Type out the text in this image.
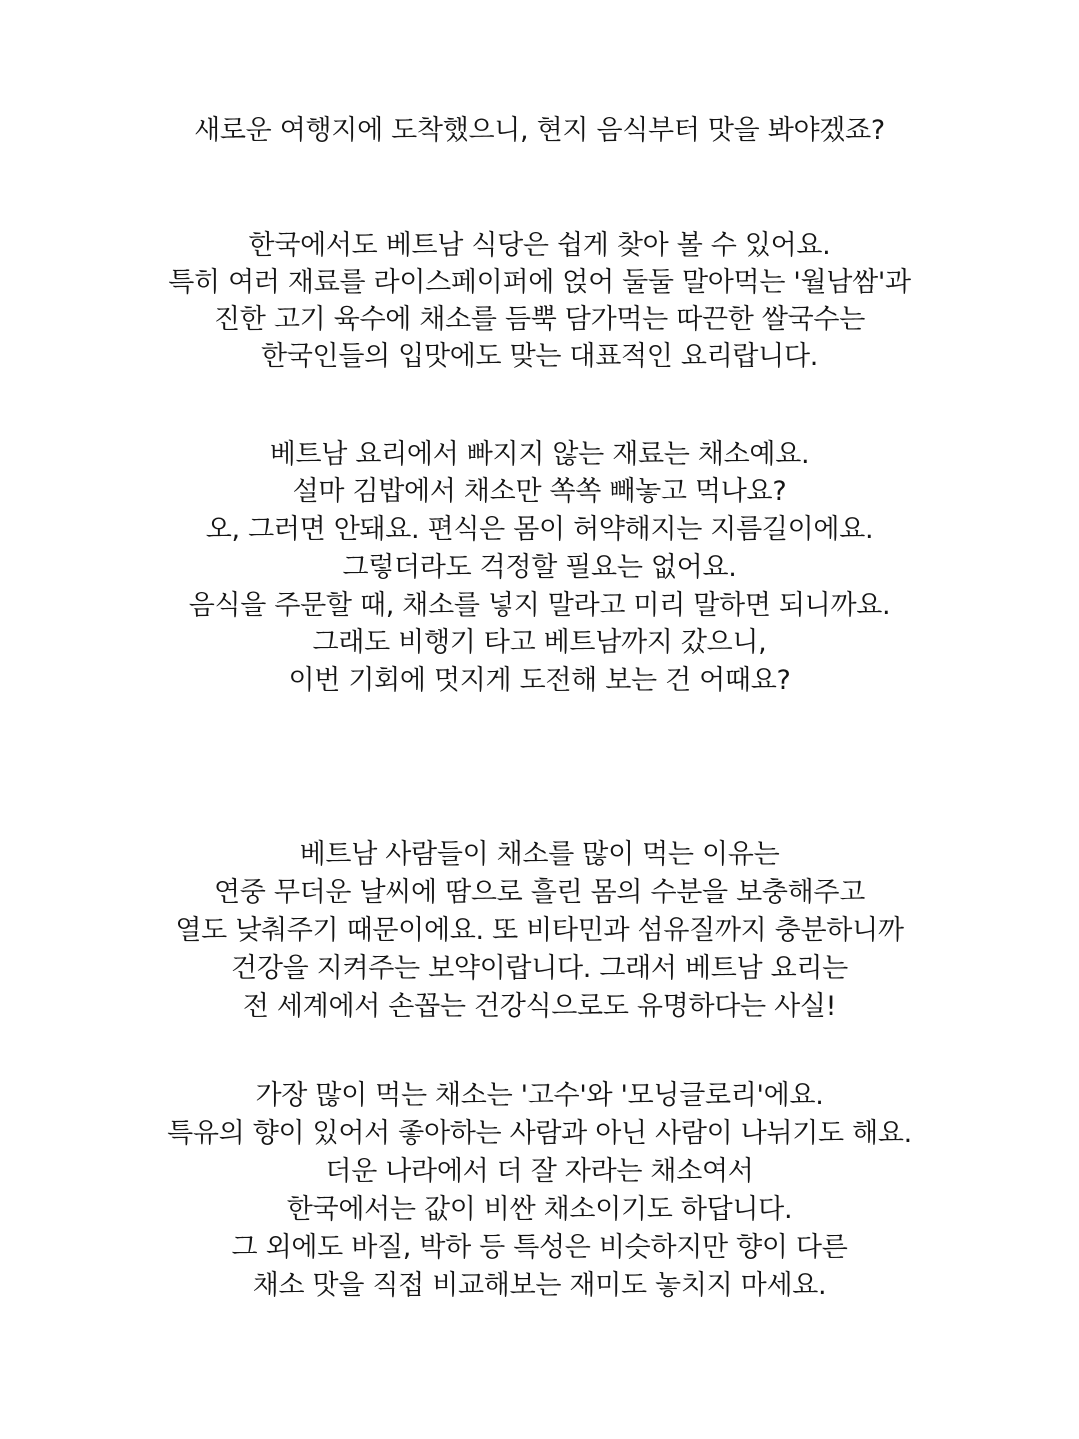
새로운 여행지에 도착했으니, 현지 음식부터 맛을 봐야겠죠?
한국에서도 베트남 식당은 쉽게 찾아 볼 수 있어요.
특히 여러 재료를 라이스페이퍼에 얹어 둘둘 말아먹는 '월남쌈'과
진한 고기 육수에 채소를 듬뿍 담가먹는 따끈한 쌀국수는
한국인들의 입맛에도 맞는 대표적인 요리랍니다.
베트남 요리에서 빠지지 않는 재료는 채소예요.
설마 김밥에서 채소만 쏙쏙 빼놓고 먹나요?
오, 그러면 안돼요. 편식은 몸이 허약해지는 지름길이에요.
그렇더라도 걱정할 필요는 없어요.
음식을 주문할 때, 채소를 넣지 말라고 미리 말하면 되니까요.
그래도 비행기 타고 베트남까지 갔으니,
이번 기회에 멋지게 도전해 보는 건 어때요?
베트남 사람들이 채소를 많이 먹는 이유는
연중 무더운 날씨에 땀으로 흘린 몸의 수분을 보충해주고
열도 낮춰주기 때문이에요. 또 비타민과 섬유질까지 충분하니까
건강을 지켜주는 보약이랍니다. 그래서 베트남 요리는
전 세계에서 손꼽는 건강식으로도 유명하다는 사실!
가장 많이 먹는 채소는 '고수'와 '모닝글로리'에요.
특유의 향이 있어서 좋아하는 사람과 아닌 사람이 나뉘기도 해요.
더운 나라에서 더 잘 자라는 채소여서
한국에서는 값이 비싼 채소이기도 하답니다.
그 외에도 바질, 박하 등 특성은 비슷하지만 향이 다른
채소 맛을 직접 비교해보는 재미도 놓치지 마세요.
